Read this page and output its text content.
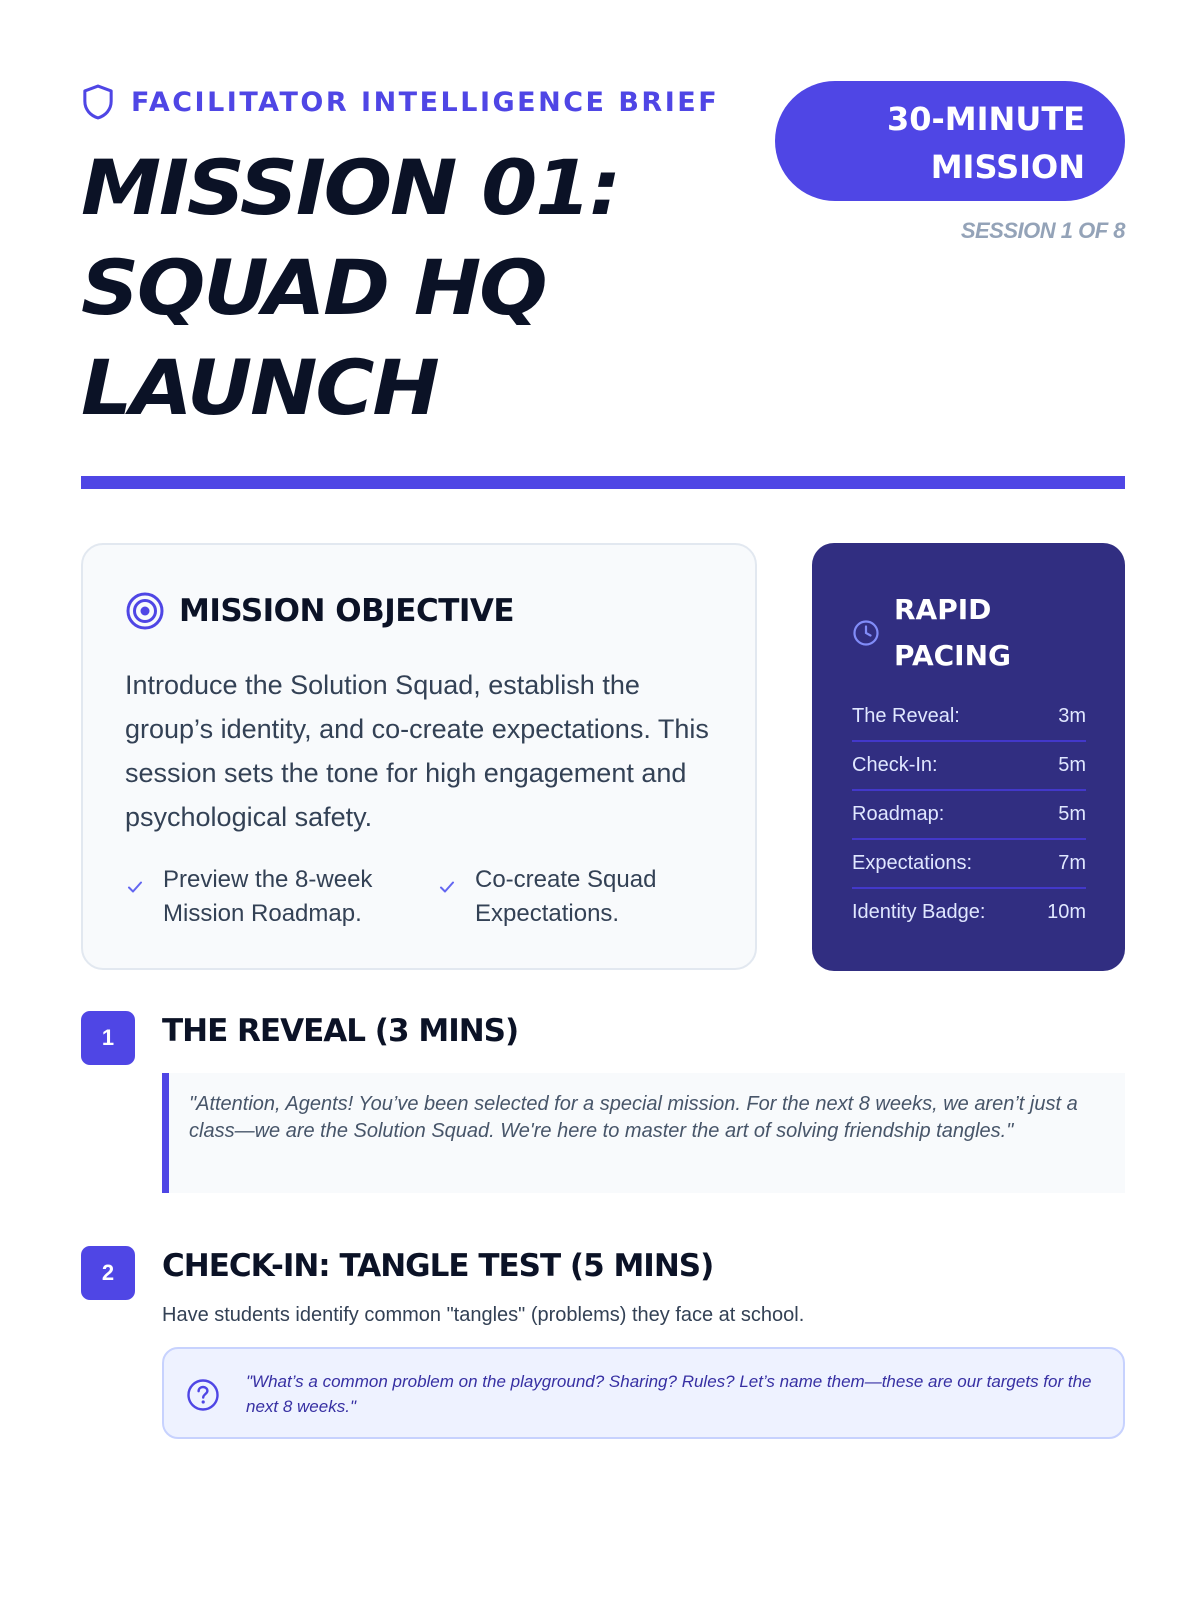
FACILITATOR INTELLIGENCE BRIEF
MISSION 01:
SQUAD HQ
LAUNCH
30-MINUTE
MISSION
SESSION 1 OF 8
MISSION OBJECTIVE
Introduce the Solution Squad, establish the group’s identity, and co-create expectations. This session sets the tone for high engagement and psychological safety.
Preview the 8-week Mission Roadmap.
Co-create Squad Expectations.
RAPID PACING
The Reveal:	3m
Check-In:	5m
Roadmap:	5m
Expectations:	7m
Identity Badge:	10m
1	THE REVEAL (3 MINS)
"Attention, Agents! You’ve been selected for a special mission. For the next 8 weeks, we aren’t just a class—we are the Solution Squad. We're here to master the art of solving friendship tangles."
2	CHECK-IN: TANGLE TEST (5 MINS)
Have students identify common "tangles" (problems) they face at school.
"What’s a common problem on the playground? Sharing? Rules? Let’s name them—these are our targets for the next 8 weeks."
